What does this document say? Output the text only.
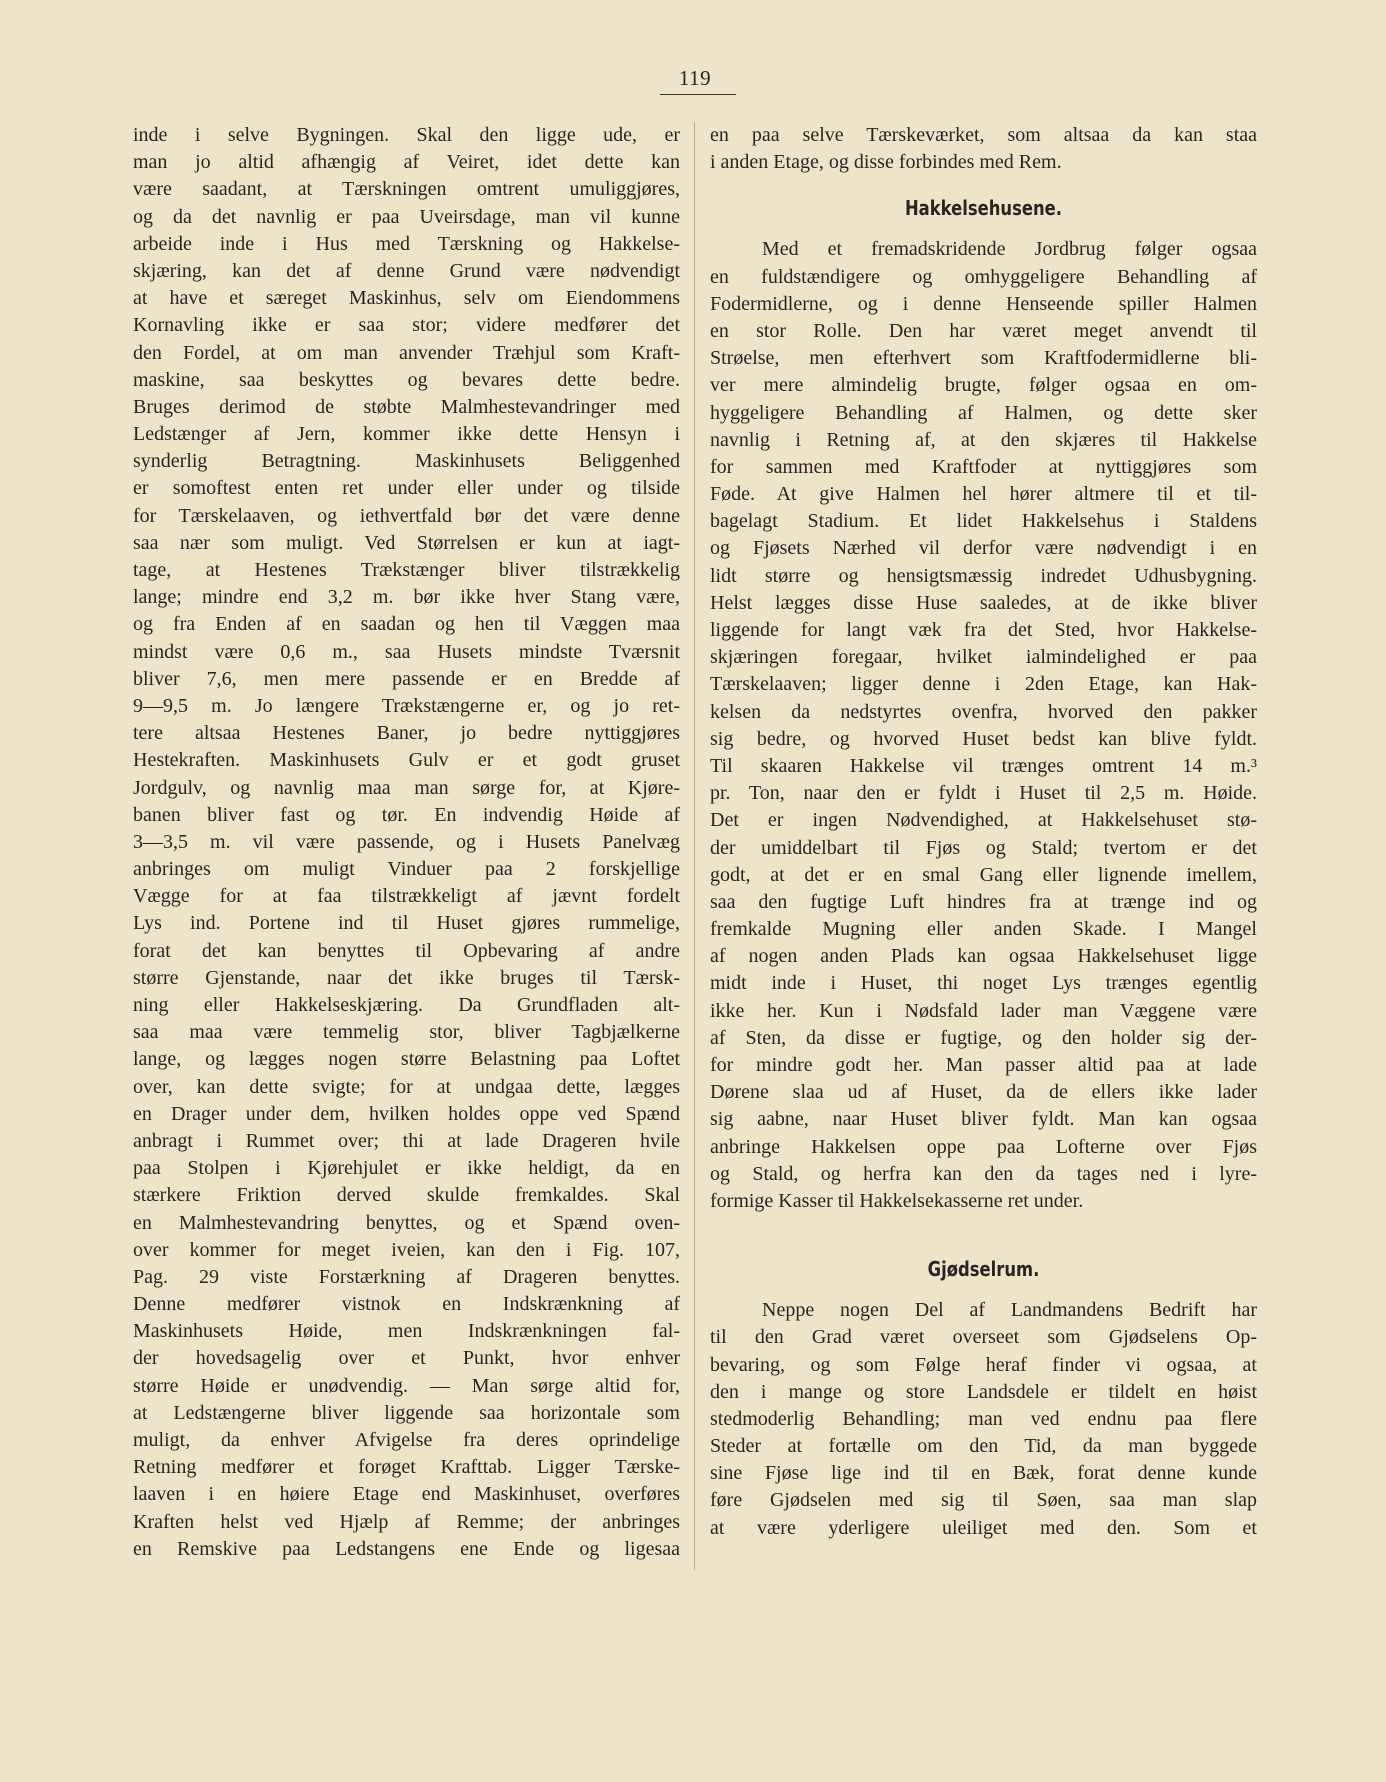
119
inde i selve Bygningen. Skal den ligge ude, er
man jo altid afhængig af Veiret, idet dette kan
være saadant, at Tærskningen omtrent umuliggjøres,
og da det navnlig er paa Uveirsdage, man vil kunne
arbeide inde i Hus med Tærskning og Hakkelse-
skjæring, kan det af denne Grund være nødvendigt
at have et særeget Maskinhus, selv om Eiendommens
Kornavling ikke er saa stor; videre medfører det
den Fordel, at om man anvender Træhjul som Kraft-
maskine, saa beskyttes og bevares dette bedre.
Bruges derimod de støbte Malmhestevandringer med
Ledstænger af Jern, kommer ikke dette Hensyn i
synderlig Betragtning. Maskinhusets Beliggenhed
er somoftest enten ret under eller under og tilside
for Tærskelaaven, og iethvertfald bør det være denne
saa nær som muligt. Ved Størrelsen er kun at iagt-
tage, at Hestenes Trækstænger bliver tilstrækkelig
lange; mindre end 3,2 m. bør ikke hver Stang være,
og fra Enden af en saadan og hen til Væggen maa
mindst være 0,6 m., saa Husets mindste Tværsnit
bliver 7,6, men mere passende er en Bredde af
9—9,5 m. Jo længere Trækstængerne er, og jo ret-
tere altsaa Hestenes Baner, jo bedre nyttiggjøres
Hestekraften. Maskinhusets Gulv er et godt gruset
Jordgulv, og navnlig maa man sørge for, at Kjøre-
banen bliver fast og tør. En indvendig Høide af
3—3,5 m. vil være passende, og i Husets Panelvæg
anbringes om muligt Vinduer paa 2 forskjellige
Vægge for at faa tilstrækkeligt af jævnt fordelt
Lys ind. Portene ind til Huset gjøres rummelige,
forat det kan benyttes til Opbevaring af andre
større Gjenstande, naar det ikke bruges til Tærsk-
ning eller Hakkelseskjæring. Da Grundfladen alt-
saa maa være temmelig stor, bliver Tagbjælkerne
lange, og lægges nogen større Belastning paa Loftet
over, kan dette svigte; for at undgaa dette, lægges
en Drager under dem, hvilken holdes oppe ved Spænd
anbragt i Rummet over; thi at lade Drageren hvile
paa Stolpen i Kjørehjulet er ikke heldigt, da en
stærkere Friktion derved skulde fremkaldes. Skal
en Malmhestevandring benyttes, og et Spænd oven-
over kommer for meget iveien, kan den i Fig. 107,
Pag. 29 viste Forstærkning af Drageren benyttes.
Denne medfører vistnok en Indskrænkning af
Maskinhusets Høide, men Indskrænkningen fal-
der hovedsagelig over et Punkt, hvor enhver
større Høide er unødvendig. — Man sørge altid for,
at Ledstængerne bliver liggende saa horizontale som
muligt, da enhver Afvigelse fra deres oprindelige
Retning medfører et forøget Krafttab. Ligger Tærske-
laaven i en høiere Etage end Maskinhuset, overføres
Kraften helst ved Hjælp af Remme; der anbringes
en Remskive paa Ledstangens ene Ende og ligesaa
en paa selve Tærskeværket, som altsaa da kan staa
i anden Etage, og disse forbindes med Rem.
Hakkelsehusene.
Med et fremadskridende Jordbrug følger ogsaa
en fuldstændigere og omhyggeligere Behandling af
Fodermidlerne, og i denne Henseende spiller Halmen
en stor Rolle. Den har været meget anvendt til
Strøelse, men efterhvert som Kraftfodermidlerne bli-
ver mere almindelig brugte, følger ogsaa en om-
hyggeligere Behandling af Halmen, og dette sker
navnlig i Retning af, at den skjæres til Hakkelse
for sammen med Kraftfoder at nyttiggjøres som
Føde. At give Halmen hel hører altmere til et til-
bagelagt Stadium. Et lidet Hakkelsehus i Staldens
og Fjøsets Nærhed vil derfor være nødvendigt i en
lidt større og hensigtsmæssig indredet Udhusbygning.
Helst lægges disse Huse saaledes, at de ikke bliver
liggende for langt væk fra det Sted, hvor Hakkelse-
skjæringen foregaar, hvilket ialmindelighed er paa
Tærskelaaven; ligger denne i 2den Etage, kan Hak-
kelsen da nedstyrtes ovenfra, hvorved den pakker
sig bedre, og hvorved Huset bedst kan blive fyldt.
Til skaaren Hakkelse vil trænges omtrent 14 m.³
pr. Ton, naar den er fyldt i Huset til 2,5 m. Høide.
Det er ingen Nødvendighed, at Hakkelsehuset stø-
der umiddelbart til Fjøs og Stald; tvertom er det
godt, at det er en smal Gang eller lignende imellem,
saa den fugtige Luft hindres fra at trænge ind og
fremkalde Mugning eller anden Skade. I Mangel
af nogen anden Plads kan ogsaa Hakkelsehuset ligge
midt inde i Huset, thi noget Lys trænges egentlig
ikke her. Kun i Nødsfald lader man Væggene være
af Sten, da disse er fugtige, og den holder sig der-
for mindre godt her. Man passer altid paa at lade
Dørene slaa ud af Huset, da de ellers ikke lader
sig aabne, naar Huset bliver fyldt. Man kan ogsaa
anbringe Hakkelsen oppe paa Lofterne over Fjøs
og Stald, og herfra kan den da tages ned i lyre-
formige Kasser til Hakkelsekasserne ret under.
Gjødselrum.
Neppe nogen Del af Landmandens Bedrift har
til den Grad været overseet som Gjødselens Op-
bevaring, og som Følge heraf finder vi ogsaa, at
den i mange og store Landsdele er tildelt en høist
stedmoderlig Behandling; man ved endnu paa flere
Steder at fortælle om den Tid, da man byggede
sine Fjøse lige ind til en Bæk, forat denne kunde
føre Gjødselen med sig til Søen, saa man slap
at være yderligere uleiliget med den. Som et
